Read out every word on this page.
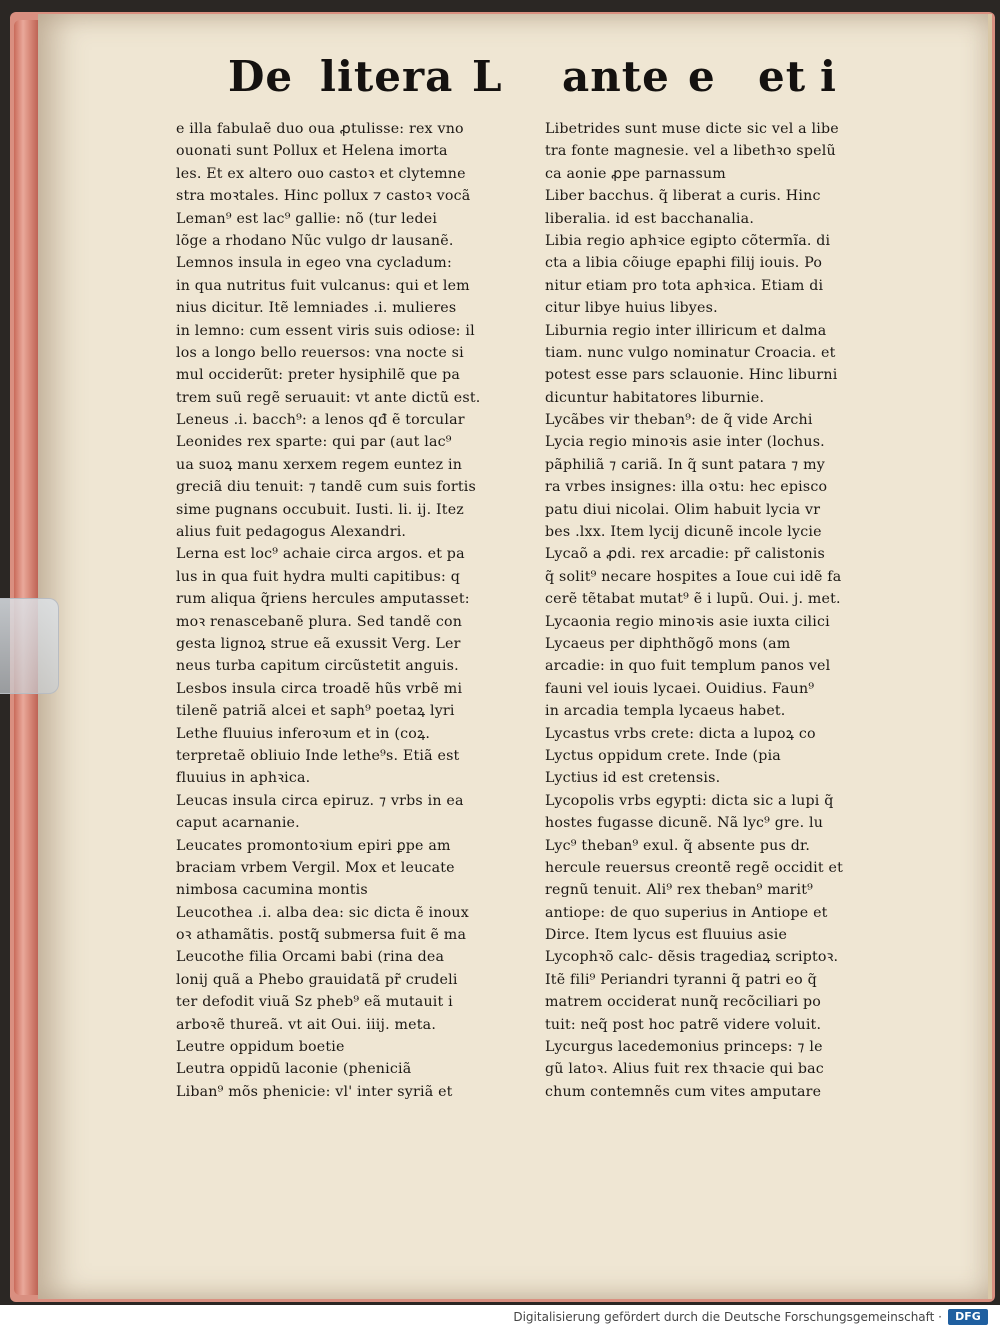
De litera L ante e et i
e illa fabulaẽ duo oua ꝓtulisse: rex vno
ouonati sunt Pollux et Helena imorta
les. Et ex altero ouo castoꝛ et clytemne
stra moꝛtales. Hinc pollux ⁊ castoꝛ vocã
Leman⁹ est lac⁹ gallie: nõ (tur ledei
lõge a rhodano Nũc vulgo dr lausanẽ.
Lemnos insula in egeo vna cycladum:
in qua nutritus fuit vulcanus: qui et lem
nius dicitur. Itẽ lemniades .i. mulieres
in lemno: cum essent viris suis odiose: il
los a longo bello reuersos: vna nocte si
mul occiderũt: preter hysiphilẽ que pa
trem suũ regẽ seruauit: vt ante dictũ est.
Leneus .i. bacch⁹: a lenos qđ ẽ torcular
Leonides rex sparte: qui par (aut lac⁹
ua suoꝝ manu xerxem regem euntez in
greciã diu tenuit: ⁊ tandẽ cum suis fortis
sime pugnans occubuit. Iusti. li. ij. Itez
alius fuit pedagogus Alexandri.
Lerna est loc⁹ achaie circa argos. et pa
lus in qua fuit hydra multi capitibus: q
rum aliqua q̃riens hercules amputasset:
moꝛ renascebanẽ plura. Sed tandẽ con
gesta lignoꝝ strue eã exussit Verg. Ler
neus turba capitum circũstetit anguis.
Lesbos insula circa troadẽ hũs vrbẽ mi
tilenẽ patriã alcei et saph⁹ poetaꝝ lyri
Lethe fluuius inferoꝛum et in (coꝝ.
terpretaẽ obliuio Inde lethe⁹s. Etiã est
fluuius in aphꝛica.
Leucas insula circa epiruz. ⁊ vrbs in ea
caput acarnanie.
Leucates promontoꝛium epiri ꝑpe am
braciam vrbem Vergil. Mox et leucate
nimbosa cacumina montis
Leucothea .i. alba dea: sic dicta ẽ inoux
oꝛ athamãtis. postq̃ submersa fuit ẽ ma
Leucothe filia Orcami babi (rina dea
lonij quã a Phebo grauidatã pr̃ crudeli
ter defodit viuã Sz pheb⁹ eã mutauit i
arboꝛẽ thureã. vt ait Oui. iiij. meta.
Leutre oppidum boetie
Leutra oppidũ laconie (pheniciã
Liban⁹ mõs phenicie: vl' inter syriã et
Libetrides sunt muse dicte sic vel a libe
tra fonte magnesie. vel a libethꝛo spelũ
ca aonie ꝓpe parnassum
Liber bacchus. q̃ liberat a curis. Hinc
liberalia. id est bacchanalia.
Libia regio aphꝛice egipto cõtermĩa. di
cta a libia cõiuge epaphi filij iouis. Po
nitur etiam pro tota aphꝛica. Etiam di
citur libye huius libyes.
Liburnia regio inter illiricum et dalma
tiam. nunc vulgo nominatur Croacia. et
potest esse pars sclauonie. Hinc liburni
dicuntur habitatores liburnie.
Lycãbes vir theban⁹: de q̃ vide Archi
Lycia regio minoꝛis asie inter (lochus.
pãphiliã ⁊ cariã. In q̃ sunt patara ⁊ my
ra vrbes insignes: illa oꝛtu: hec episco
patu diui nicolai. Olim habuit lycia vr
bes .lxx. Item lycij dicunẽ incole lycie
Lycaõ a ꝓdi. rex arcadie: pr̃ calistonis
q̃ solit⁹ necare hospites a Ioue cui idẽ fa
cerẽ tẽtabat mutat⁹ ẽ i lupũ. Oui. j. met.
Lycaonia regio minoꝛis asie iuxta cilici
Lycaeus per diphthõgõ mons (am
arcadie: in quo fuit templum panos vel
fauni vel iouis lycaei. Ouidius. Faun⁹
in arcadia templa lycaeus habet.
Lycastus vrbs crete: dicta a lupoꝝ co
Lyctus oppidum crete. Inde (pia
Lyctius id est cretensis.
Lycopolis vrbs egypti: dicta sic a lupi q̃
hostes fugasse dicunẽ. Nã lyc⁹ gre. lu
Lyc⁹ theban⁹ exul. q̃ absente pus dr.
hercule reuersus creontẽ regẽ occidit et
regnũ tenuit. Ali⁹ rex theban⁹ marit⁹
antiope: de quo superius in Antiope et
Dirce. Item lycus est fluuius asie
Lycophꝛõ calc- dẽsis tragediaꝝ scriptoꝛ.
Itẽ fili⁹ Periandri tyranni q̃ patri eo q̃
matrem occiderat nunq̃ recõciliari po
tuit: neq̃ post hoc patrẽ videre voluit.
Lycurgus lacedemonius princeps: ⁊ le
gũ latoꝛ. Alius fuit rex thꝛacie qui bac
chum contemnẽs cum vites amputare
Digitalisierung gefördert durch die Deutsche Forschungsgemeinschaft ·	DFG
